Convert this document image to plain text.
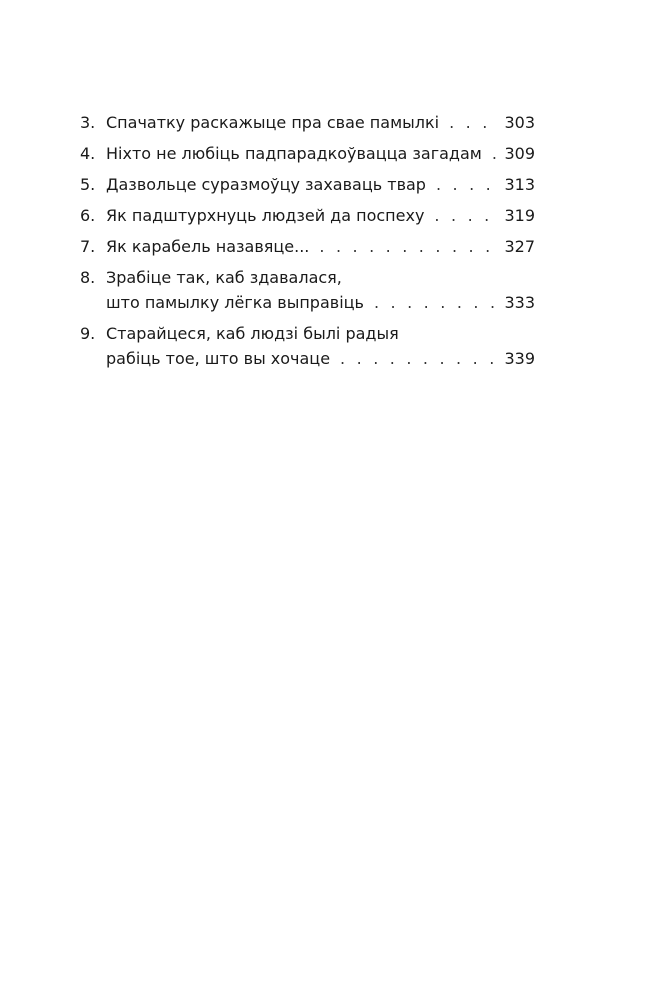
3. Спачатку раскажыце пра свае памылкі . . .	303
4. Ніхто не любіць падпарадкоўвацца загадам . . . 309
5. Дазвольце суразмоўцу захаваць твар . . .	313
6. Як падштурхнуць людзей да поспеху . . .	319
7. Як карабель назавяце... . . .	327
8. Зрабіце так, каб здавалася,
што памылку лёгка выправіць . . .	333
9. Старайцеся, каб людзі былі радыя
рабіць тое, што вы хочаце . . .	339
